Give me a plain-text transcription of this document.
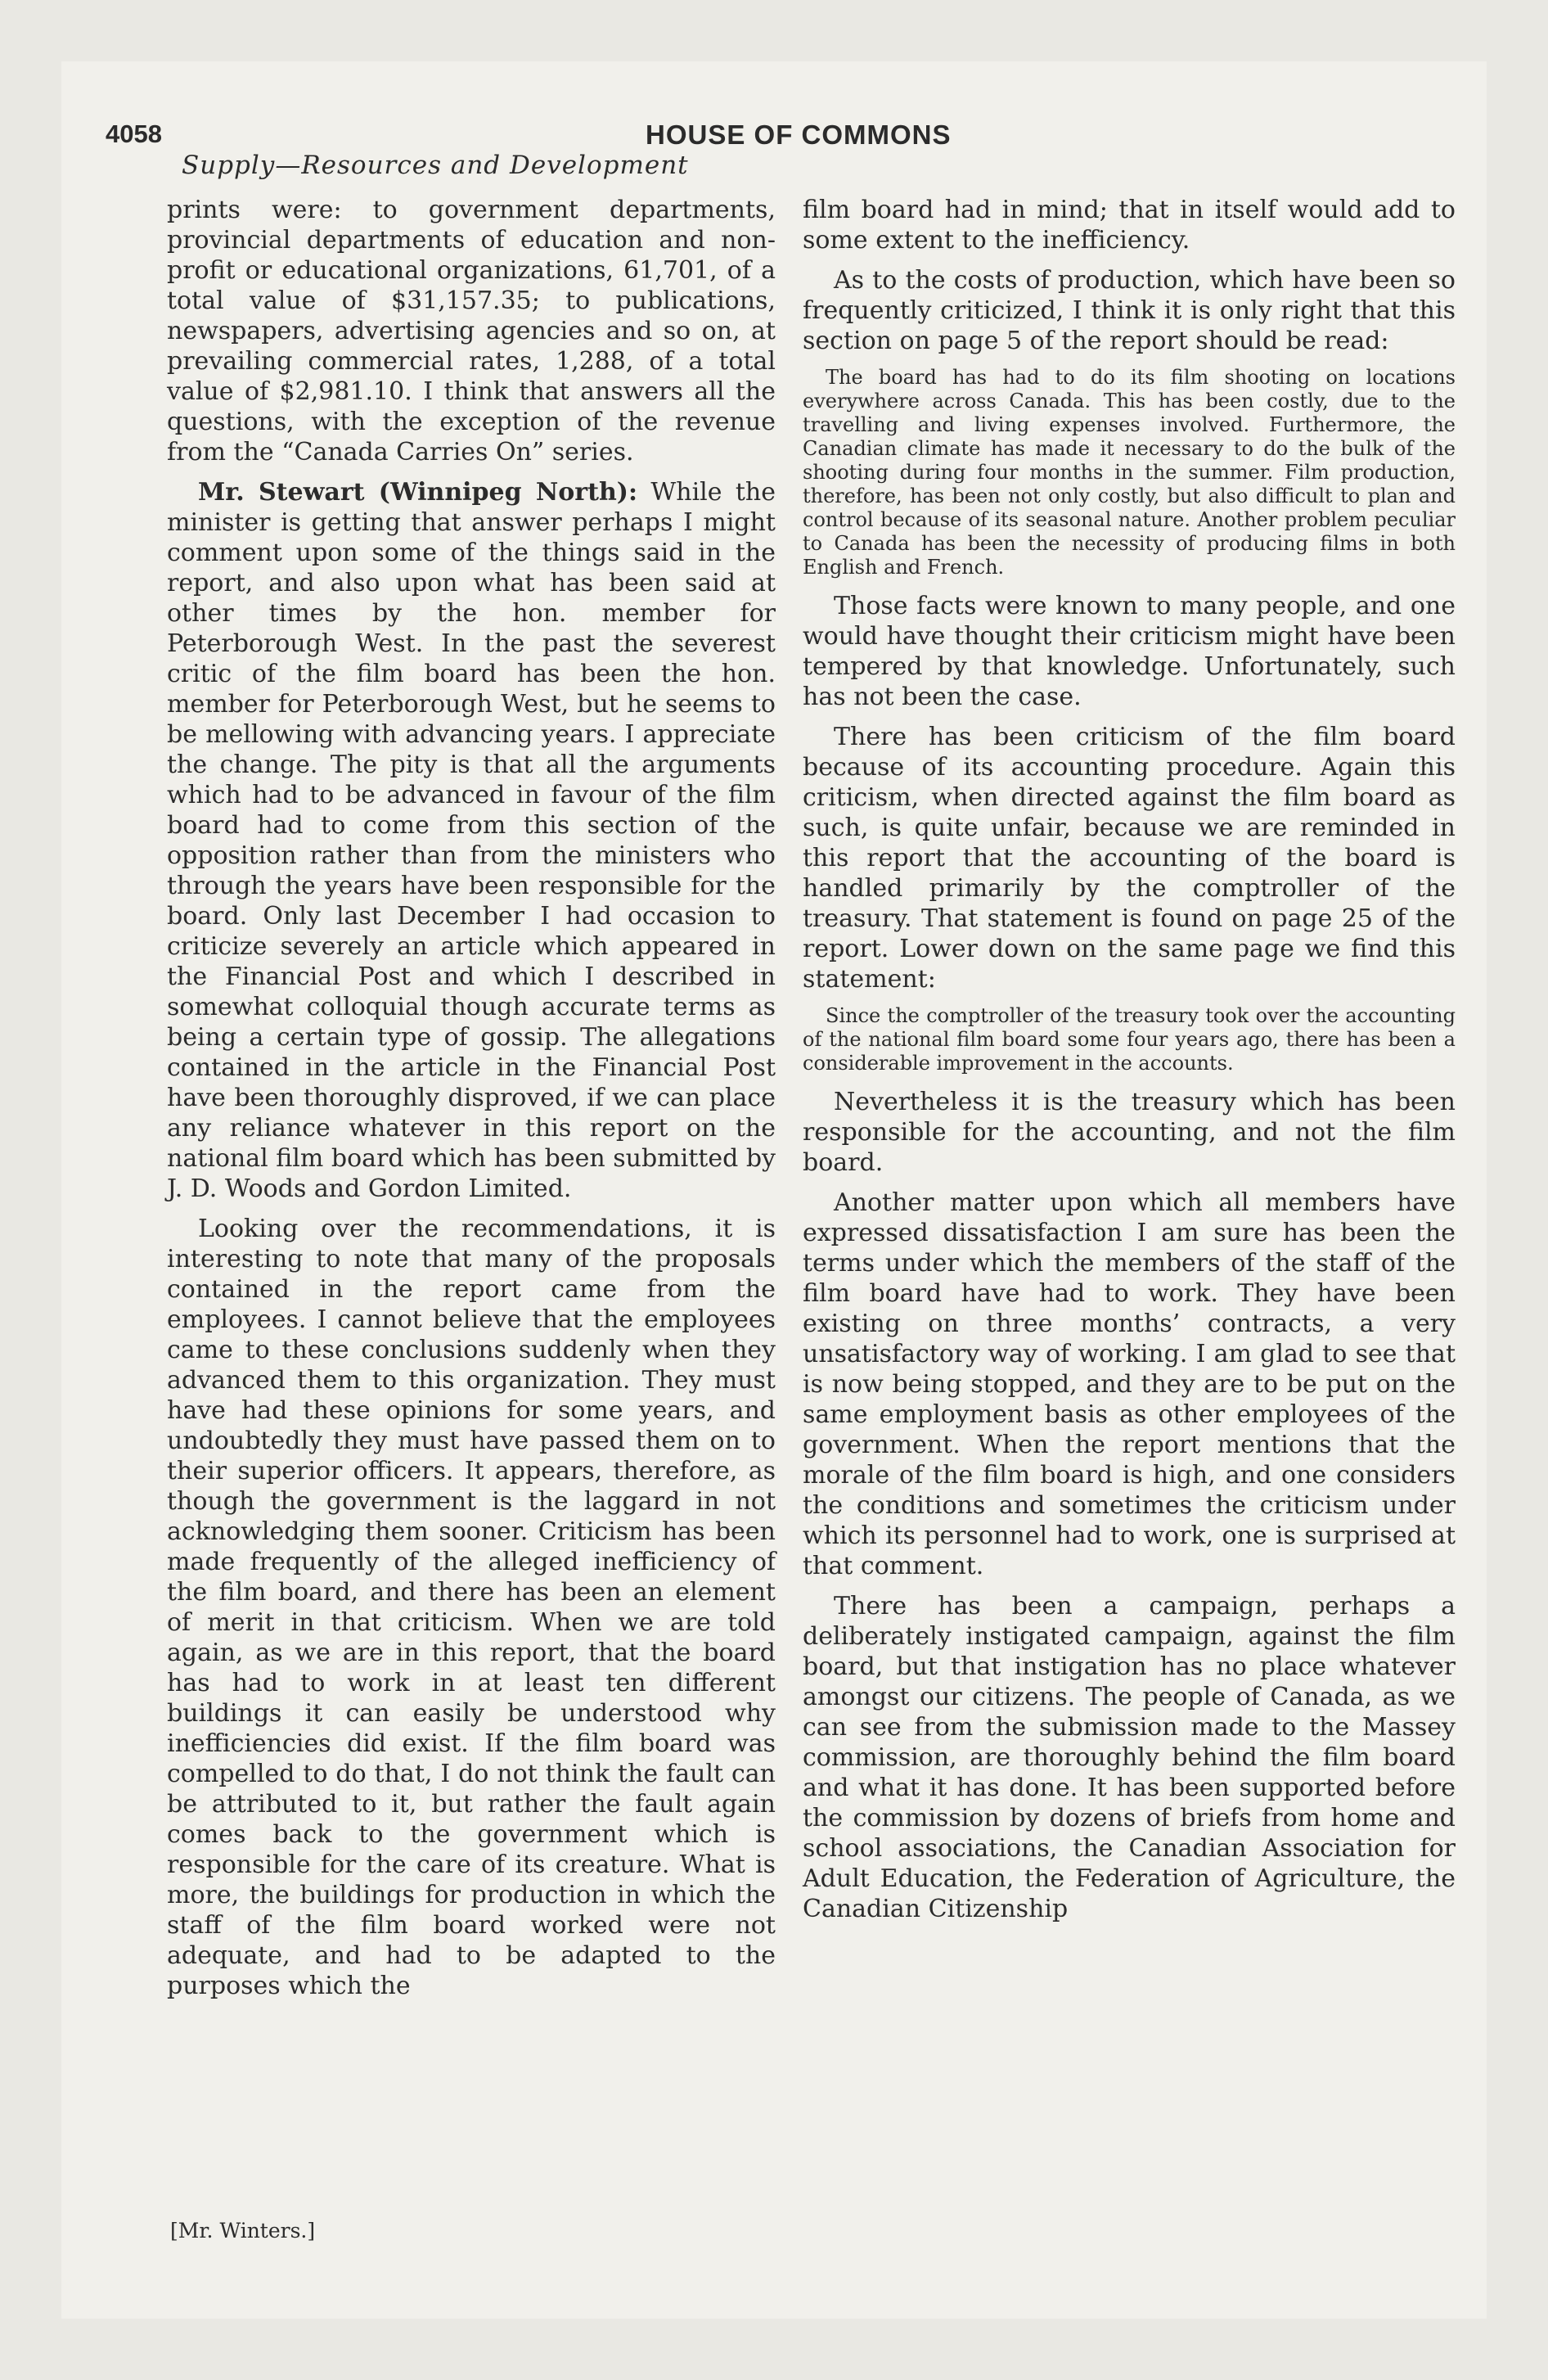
4058	HOUSE OF COMMONS
Supply—Resources and Development

prints were: to government departments, provincial departments of education and non-profit or educational organizations, 61,701, of a total value of $31,157.35; to publications, newspapers, advertising agencies and so on, at prevailing commercial rates, 1,288, of a total value of $2,981.10. I think that answers all the questions, with the exception of the revenue from the “Canada Carries On” series.

Mr. Stewart (Winnipeg North): While the minister is getting that answer perhaps I might comment upon some of the things said in the report, and also upon what has been said at other times by the hon. member for Peterborough West. In the past the severest critic of the film board has been the hon. member for Peterborough West, but he seems to be mellowing with advancing years. I appreciate the change. The pity is that all the arguments which had to be advanced in favour of the film board had to come from this section of the opposition rather than from the ministers who through the years have been responsible for the board. Only last December I had occasion to criticize severely an article which appeared in the Financial Post and which I described in somewhat colloquial though accurate terms as being a certain type of gossip. The allegations contained in the article in the Financial Post have been thoroughly disproved, if we can place any reliance whatever in this report on the national film board which has been submitted by J. D. Woods and Gordon Limited.

Looking over the recommendations, it is interesting to note that many of the proposals contained in the report came from the employees. I cannot believe that the employees came to these conclusions suddenly when they advanced them to this organization. They must have had these opinions for some years, and undoubtedly they must have passed them on to their superior officers. It appears, therefore, as though the government is the laggard in not acknowledging them sooner. Criticism has been made frequently of the alleged inefficiency of the film board, and there has been an element of merit in that criticism. When we are told again, as we are in this report, that the board has had to work in at least ten different buildings it can easily be understood why inefficiencies did exist. If the film board was compelled to do that, I do not think the fault can be attributed to it, but rather the fault again comes back to the government which is responsible for the care of its creature. What is more, the buildings for production in which the staff of the film board worked were not adequate, and had to be adapted to the purposes which the

film board had in mind; that in itself would add to some extent to the inefficiency.

As to the costs of production, which have been so frequently criticized, I think it is only right that this section on page 5 of the report should be read:

The board has had to do its film shooting on locations everywhere across Canada. This has been costly, due to the travelling and living expenses involved. Furthermore, the Canadian climate has made it necessary to do the bulk of the shooting during four months in the summer. Film production, therefore, has been not only costly, but also difficult to plan and control because of its seasonal nature. Another problem peculiar to Canada has been the necessity of producing films in both English and French.

Those facts were known to many people, and one would have thought their criticism might have been tempered by that knowledge. Unfortunately, such has not been the case.

There has been criticism of the film board because of its accounting procedure. Again this criticism, when directed against the film board as such, is quite unfair, because we are reminded in this report that the accounting of the board is handled primarily by the comptroller of the treasury. That statement is found on page 25 of the report. Lower down on the same page we find this statement:

Since the comptroller of the treasury took over the accounting of the national film board some four years ago, there has been a considerable improvement in the accounts.

Nevertheless it is the treasury which has been responsible for the accounting, and not the film board.

Another matter upon which all members have expressed dissatisfaction I am sure has been the terms under which the members of the staff of the film board have had to work. They have been existing on three months’ contracts, a very unsatisfactory way of working. I am glad to see that is now being stopped, and they are to be put on the same employment basis as other employees of the government. When the report mentions that the morale of the film board is high, and one considers the conditions and sometimes the criticism under which its personnel had to work, one is surprised at that comment.

There has been a campaign, perhaps a deliberately instigated campaign, against the film board, but that instigation has no place whatever amongst our citizens. The people of Canada, as we can see from the submission made to the Massey commission, are thoroughly behind the film board and what it has done. It has been supported before the commission by dozens of briefs from home and school associations, the Canadian Association for Adult Education, the Federation of Agriculture, the Canadian Citizenship

[Mr. Winters.]
